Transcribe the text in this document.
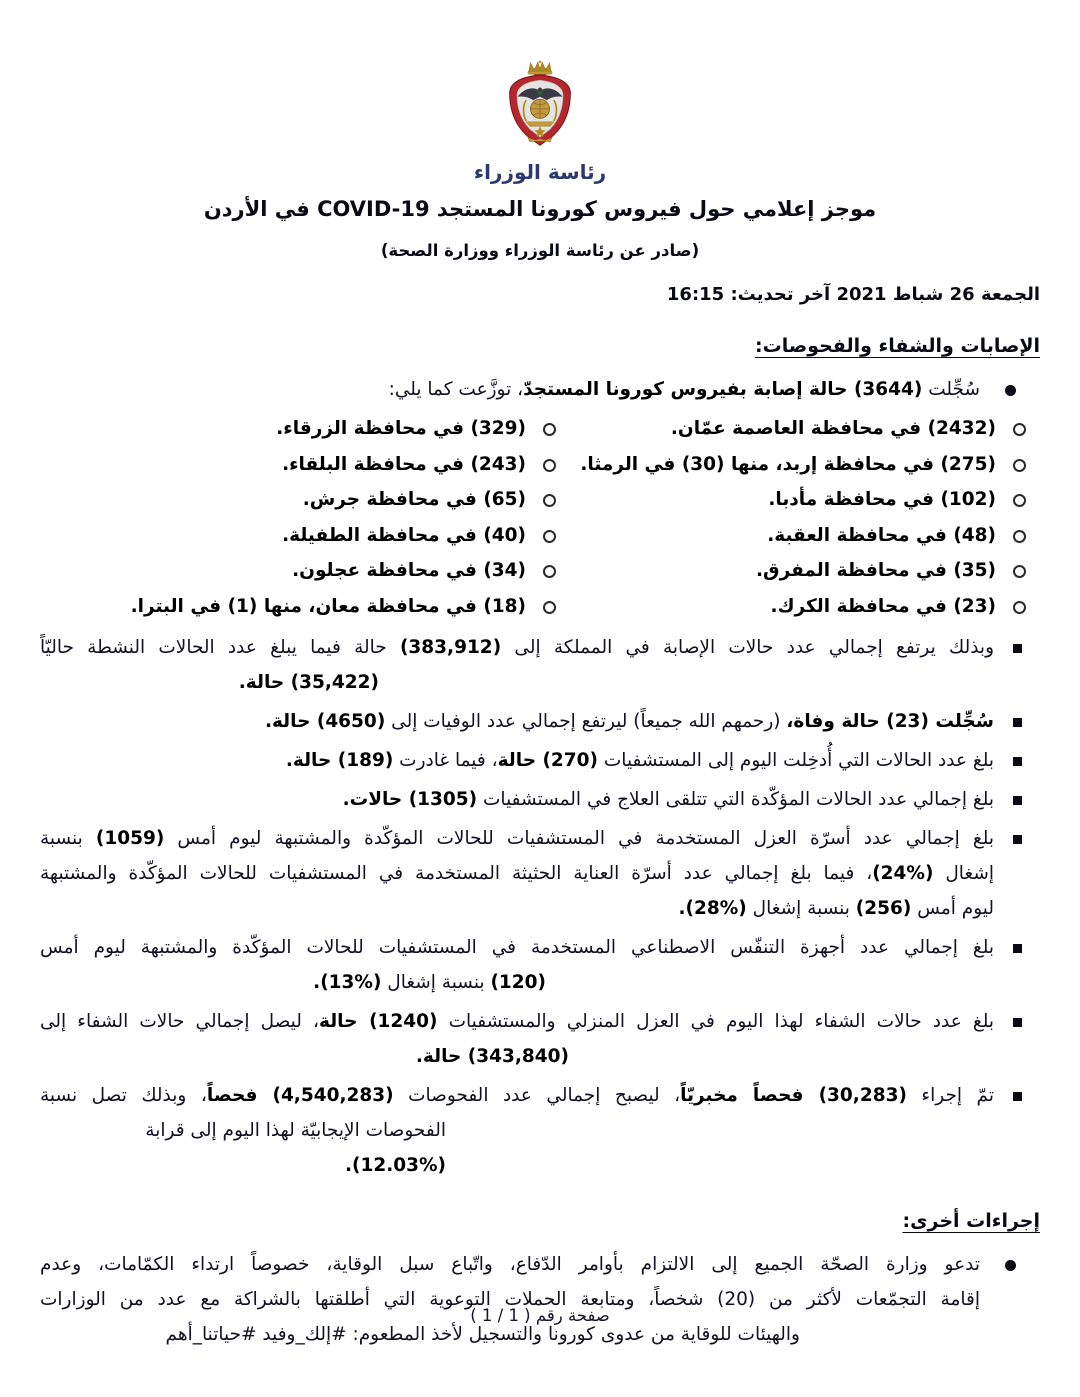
رئاسة الوزراء
موجز إعلامي حول فيروس كورونا المستجد COVID-19 في الأردن
(صادر عن رئاسة الوزراء ووزارة الصحة)
الجمعة 26 شباط 2021 آخر تحديث: 16:15
الإصابات والشفاء والفحوصات:
سُجِّلت (3644) حالة إصابة بفيروس كورونا المستجدّ، توزَّعت كما يلي:
(2432) في محافظة العاصمة عمّان.
(275) في محافظة إربد، منها (30) في الرمثا.
(102) في محافظة مأدبا.
(48) في محافظة العقبة.
(35) في محافظة المفرق.
(23) في محافظة الكرك.
(329) في محافظة الزرقاء.
(243) في محافظة البلقاء.
(65) في محافظة جرش.
(40) في محافظة الطفيلة.
(34) في محافظة عجلون.
(18) في محافظة معان، منها (1) في البترا.
وبذلك يرتفع إجمالي عدد حالات الإصابة في المملكة إلى (383,912) حالة فيما يبلغ عدد الحالات النشطة حاليّاً
(35,422) حالة.
سُجِّلت (23) حالة وفاة، (رحمهم الله جميعاً) ليرتفع إجمالي عدد الوفيات إلى (4650) حالة.
بلغ عدد الحالات التي أُدخِلت اليوم إلى المستشفيات (270) حالة، فيما غادرت (189) حالة.
بلغ إجمالي عدد الحالات المؤكّدة التي تتلقى العلاج في المستشفيات (1305) حالات.
بلغ إجمالي عدد أسرّة العزل المستخدمة في المستشفيات للحالات المؤكّدة والمشتبهة ليوم أمس (1059) بنسبة
إشغال (%24)، فيما بلغ إجمالي عدد أسرّة العناية الحثيثة المستخدمة في المستشفيات للحالات المؤكّدة والمشتبهة
ليوم أمس (256) بنسبة إشغال (%28).
بلغ إجمالي عدد أجهزة التنفّس الاصطناعي المستخدمة في المستشفيات للحالات المؤكّدة والمشتبهة ليوم أمس
(120) بنسبة إشغال (%13).
بلغ عدد حالات الشفاء لهذا اليوم في العزل المنزلي والمستشفيات (1240) حالة، ليصل إجمالي حالات الشفاء إلى
(343,840) حالة.
تمّ إجراء (30,283) فحصاً مخبريّاً، ليصبح إجمالي عدد الفحوصات (4,540,283) فحصاً، وبذلك تصل نسبة
الفحوصات الإيجابيّة لهذا اليوم إلى قرابة (%12.03).
إجراءات أخرى:
تدعو وزارة الصحّة الجميع إلى الالتزام بأوامر الدّفاع، واتّباع سبل الوقاية، خصوصاً ارتداء الكمّامات، وعدم
إقامة التجمّعات لأكثر من (20) شخصاً، ومتابعة الحملات التوعوية التي أطلقتها بالشراكة مع عدد من الوزارات
والهيئات للوقاية من عدوى كورونا والتسجيل لأخذ المطعوم: #إلك_وفيد #حياتنا_أهم
صفحة رقم ( 1 / 1 )
